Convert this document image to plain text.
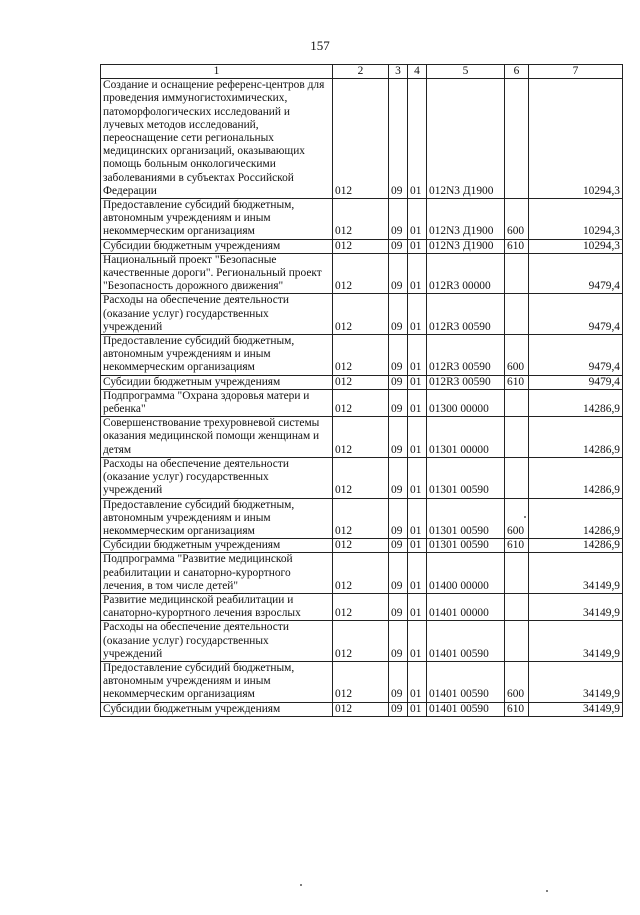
157
1	2	3	4	5	6	7
Создание и оснащение референс-центров для проведения иммуногистохимических, патоморфологических исследований и лучевых методов исследований, переоснащение сети региональных медицинских организаций, оказывающих помощь больным онкологическими заболеваниями в субъектах Российской Федерации	012	09	01	012N3 Д1900		10294,3
Предоставление субсидий бюджетным, автономным учреждениям и иным некоммерческим организациям	012	09	01	012N3 Д1900	600	10294,3
Субсидии бюджетным учреждениям	012	09	01	012N3 Д1900	610	10294,3
Национальный проект "Безопасные качественные дороги". Региональный проект "Безопасность дорожного движения"	012	09	01	012R3 00000		9479,4
Расходы на обеспечение деятельности (оказание услуг) государственных учреждений	012	09	01	012R3 00590		9479,4
Предоставление субсидий бюджетным, автономным учреждениям и иным некоммерческим организациям	012	09	01	012R3 00590	600	9479,4
Субсидии бюджетным учреждениям	012	09	01	012R3 00590	610	9479,4
Подпрограмма "Охрана здоровья матери и ребенка"	012	09	01	01300 00000		14286,9
Совершенствование трехуровневой системы оказания медицинской помощи женщинам и детям	012	09	01	01301 00000		14286,9
Расходы на обеспечение деятельности (оказание услуг) государственных учреждений	012	09	01	01301 00590		14286,9
Предоставление субсидий бюджетным, автономным учреждениям и иным некоммерческим организациям	012	09	01	01301 00590	600	14286,9
Субсидии бюджетным учреждениям	012	09	01	01301 00590	610	14286,9
Подпрограмма "Развитие медицинской реабилитации и санаторно-курортного лечения, в том числе детей"	012	09	01	01400 00000		34149,9
Развитие медицинской реабилитации и санаторно-курортного лечения взрослых	012	09	01	01401 00000		34149,9
Расходы на обеспечение деятельности (оказание услуг) государственных учреждений	012	09	01	01401 00590		34149,9
Предоставление субсидий бюджетным, автономным учреждениям и иным некоммерческим организациям	012	09	01	01401 00590	600	34149,9
Субсидии бюджетным учреждениям	012	09	01	01401 00590	610	34149,9
